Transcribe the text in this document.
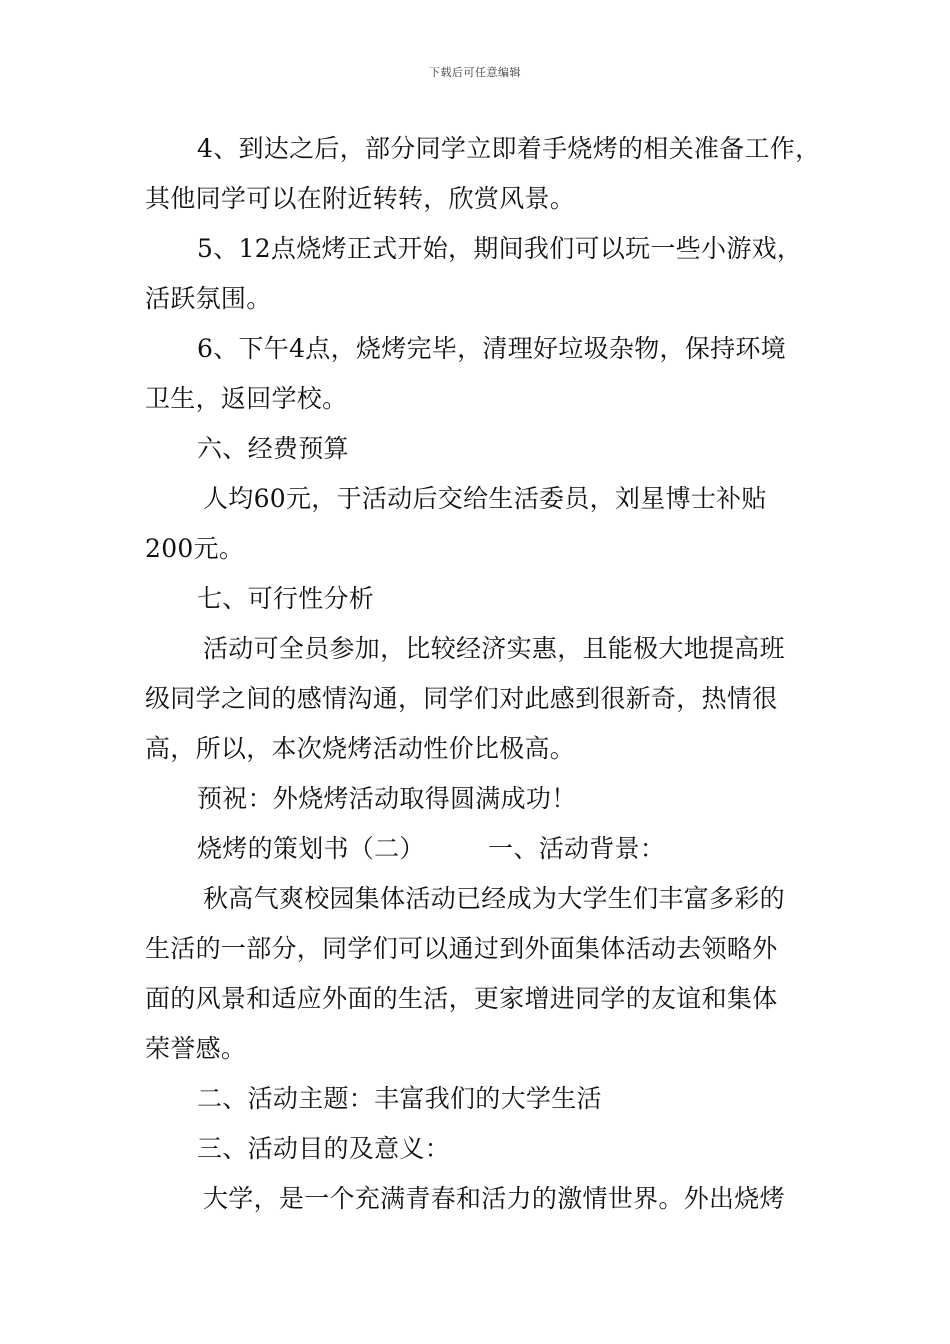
下载后可任意编辑
4、到达之后，部分同学立即着手烧烤的相关准备工作，
其他同学可以在附近转转，欣赏风景。
5、12点烧烤正式开始，期间我们可以玩一些小游戏，
活跃氛围。
6、下午4点，烧烤完毕，清理好垃圾杂物，保持环境
卫生，返回学校。
六、经费预算
人均60元，于活动后交给生活委员，刘星博士补贴
200元。
七、可行性分析
活动可全员参加，比较经济实惠，且能极大地提高班
级同学之间的感情沟通，同学们对此感到很新奇，热情很
高，所以，本次烧烤活动性价比极高。
预祝：外烧烤活动取得圆满成功！
烧烤的策划书（二）　　　一、活动背景：
秋高气爽校园集体活动已经成为大学生们丰富多彩的
生活的一部分，同学们可以通过到外面集体活动去领略外
面的风景和适应外面的生活，更家增进同学的友谊和集体
荣誉感。
二、活动主题：丰富我们的大学生活
三、活动目的及意义：
大学，是一个充满青春和活力的激情世界。外出烧烤
